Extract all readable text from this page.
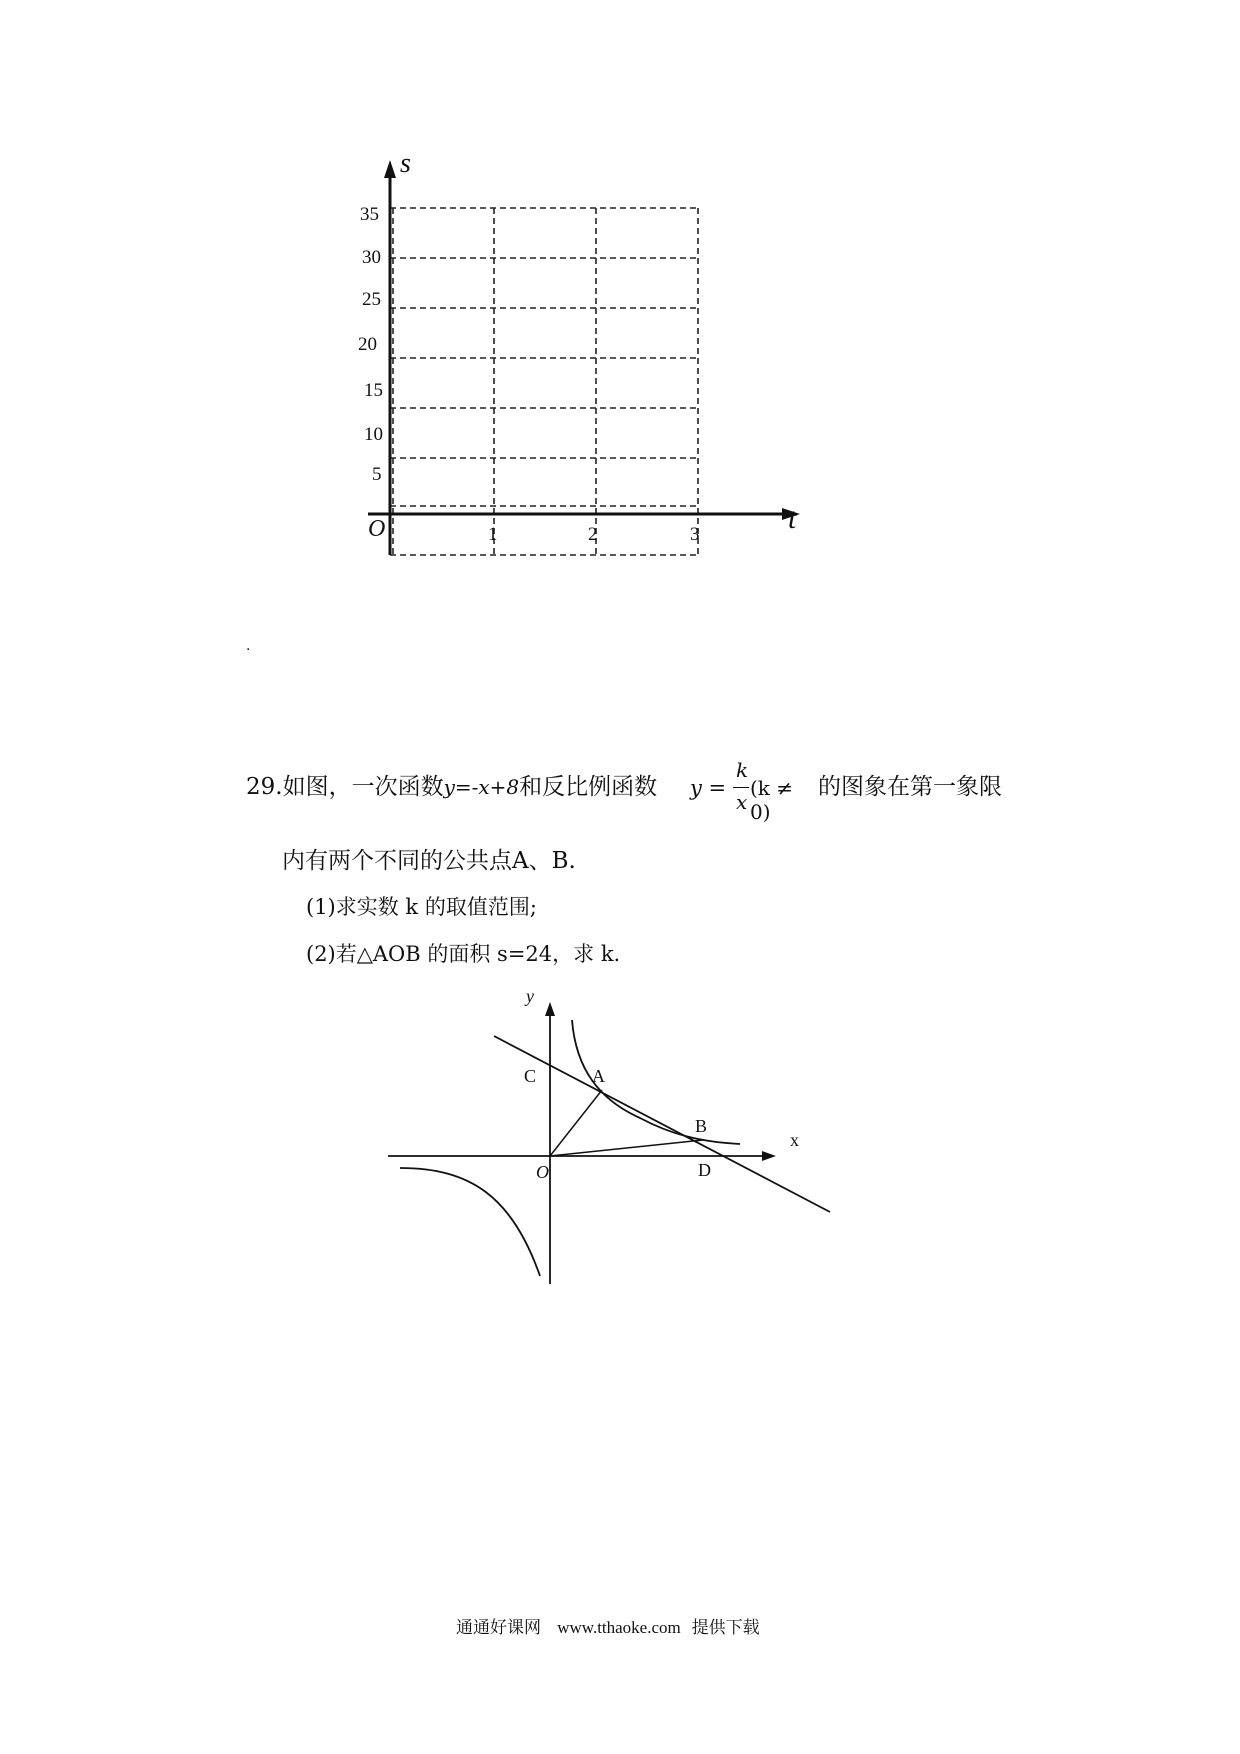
s
t
O
35
30
25
20
15
10
5
1	2	3
·
29.如图，一次函数y=-x+8和反比例函数 y =
k
x
(k ≠ 0)
的图象在第一象限
内有两个不同的公共点A、B.
(1)求实数 k 的取值范围;
(2)若△AOB 的面积 s=24，求 k.
y
x
O
C	A
B
D
通通好课网 www.tthaoke.com 提供下载
